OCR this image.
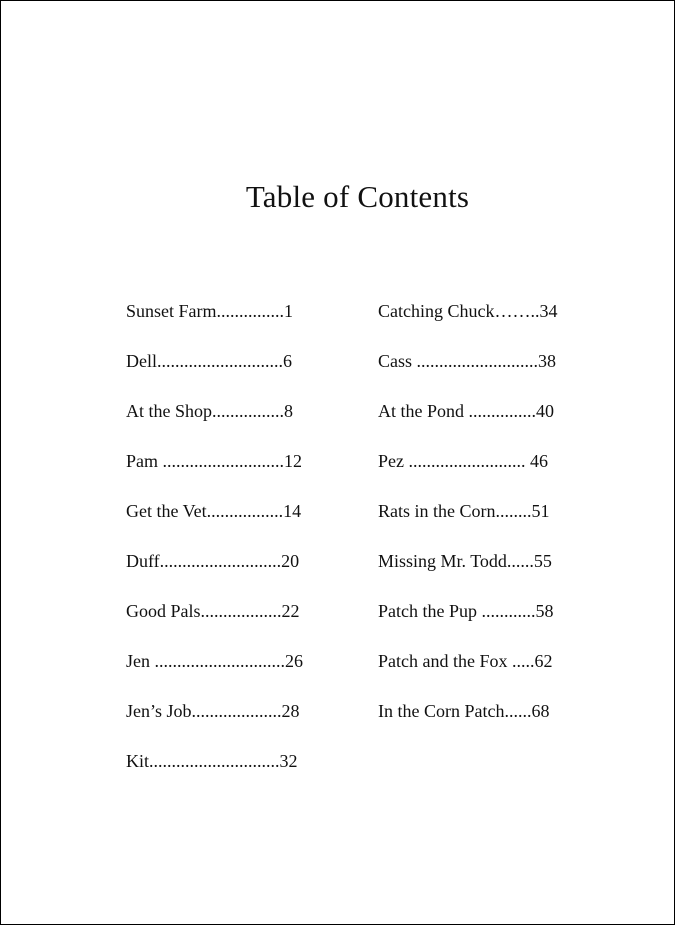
Table of Contents
Sunset Farm...............1
Dell............................6
At the Shop................8
Pam ...........................12
Get the Vet.................14
Duff...........................20
Good Pals..................22
Jen .............................26
Jen’s Job....................28
Kit.............................32
Catching Chuck……..34
Cass ...........................38
At the Pond ...............40
Pez .......................... 46
Rats in the Corn........51
Missing Mr. Todd......55
Patch the Pup ............58
Patch and the Fox .....62
In the Corn Patch......68
